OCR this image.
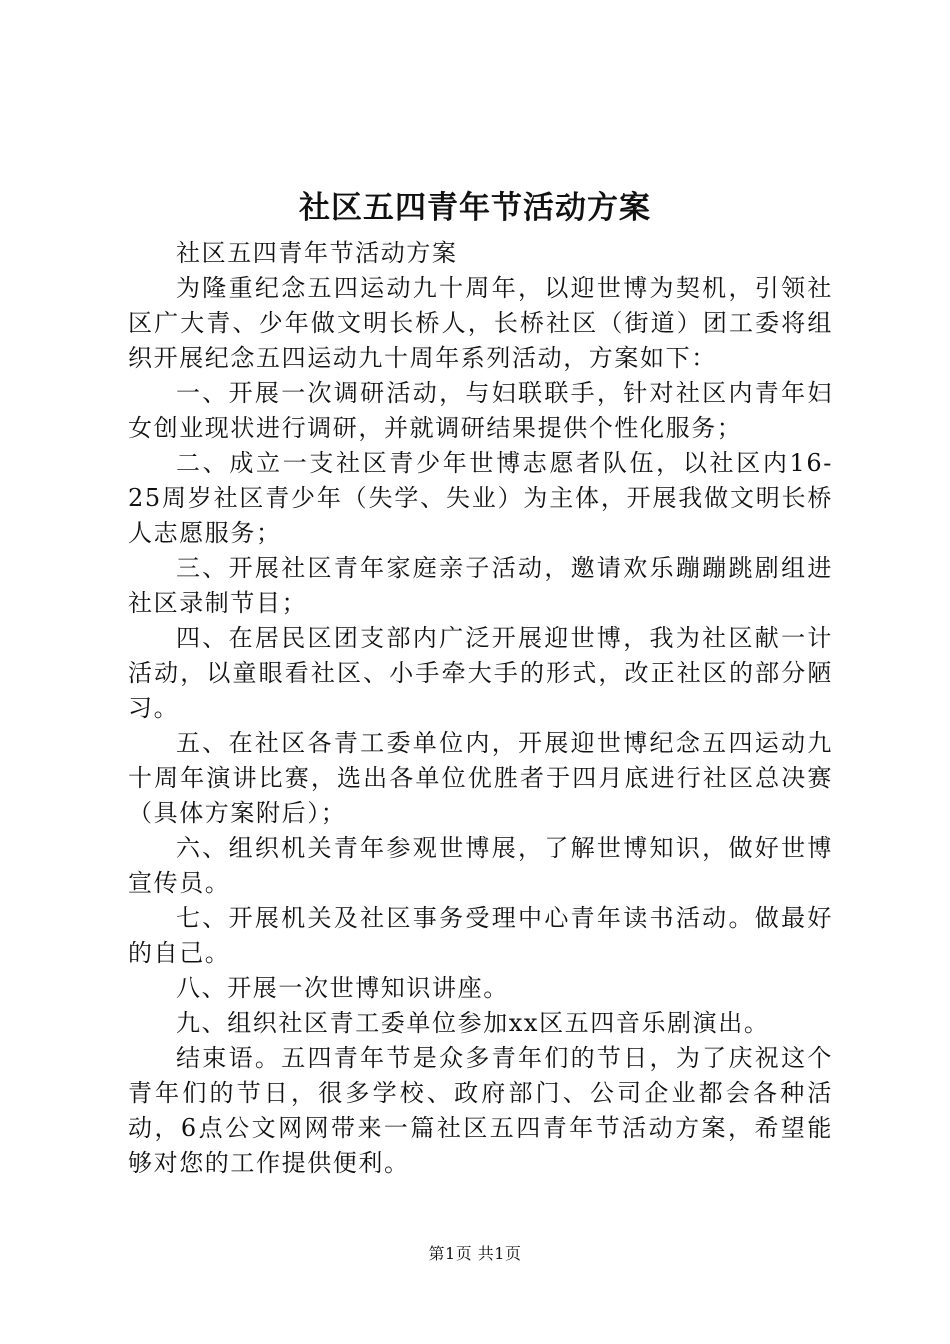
社区五四青年节活动方案

社区五四青年节活动方案

为隆重纪念五四运动九十周年，以迎世博为契机，引领社区广大青、少年做文明长桥人，长桥社区（街道）团工委将组织开展纪念五四运动九十周年系列活动，方案如下：

一、开展一次调研活动，与妇联联手，针对社区内青年妇女创业现状进行调研，并就调研结果提供个性化服务；

二、成立一支社区青少年世博志愿者队伍，以社区内16-25周岁社区青少年（失学、失业）为主体，开展我做文明长桥人志愿服务；

三、开展社区青年家庭亲子活动，邀请欢乐蹦蹦跳剧组进社区录制节目；

四、在居民区团支部内广泛开展迎世博，我为社区献一计活动，以童眼看社区、小手牵大手的形式，改正社区的部分陋习。

五、在社区各青工委单位内，开展迎世博纪念五四运动九十周年演讲比赛，选出各单位优胜者于四月底进行社区总决赛（具体方案附后）；

六、组织机关青年参观世博展，了解世博知识，做好世博宣传员。

七、开展机关及社区事务受理中心青年读书活动。做最好的自己。

八、开展一次世博知识讲座。

九、组织社区青工委单位参加xx区五四音乐剧演出。

结束语。五四青年节是众多青年们的节日，为了庆祝这个青年们的节日，很多学校、政府部门、公司企业都会各种活动，6点公文网网带来一篇社区五四青年节活动方案，希望能够对您的工作提供便利。

第1页 共1页
